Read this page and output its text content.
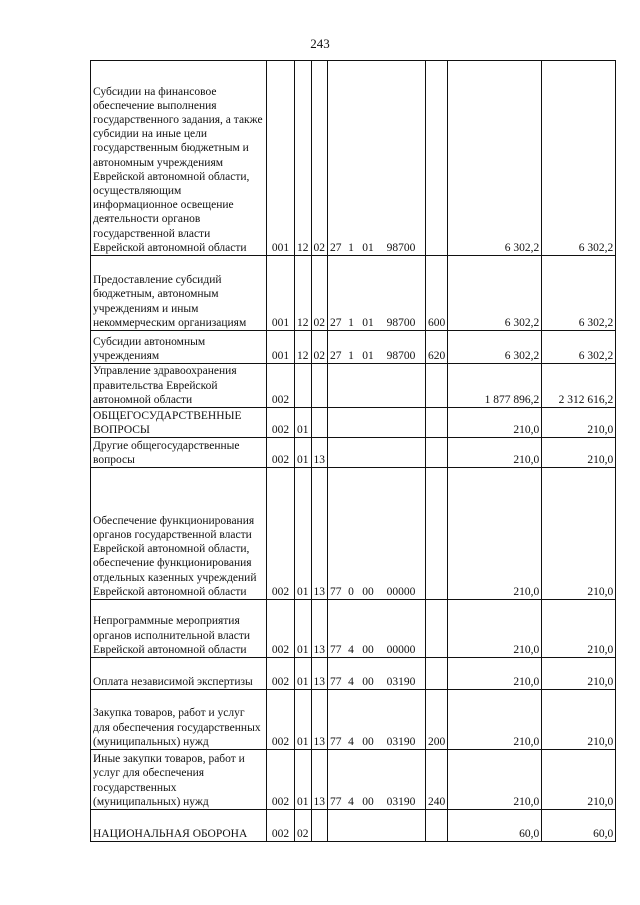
243
Субсидии на финансовое обеспечение выполнения государственного задания, а также субсидии на иные цели государственным бюджетным и автономным учреждениям Еврейской автономной области, осуществляющим информационное освещение деятельности органов государственной власти Еврейской автономной области	001	12	02	27 1 01 98700		6 302,2	6 302,2

Предоставление субсидий бюджетным, автономным учреждениям и иным некоммерческим организациям	001	12	02	27 1 01 98700	600	6 302,2	6 302,2

Субсидии автономным учреждениям	001	12	02	27 1 01 98700	620	6 302,2	6 302,2

Управление здравоохранения правительства Еврейской автономной области	002					1 877 896,2	2 312 616,2

ОБЩЕГОСУДАРСТВЕННЫЕ ВОПРОСЫ	002	01				210,0	210,0

Другие общегосударственные вопросы	002	01	13			210,0	210,0

Обеспечение функционирования органов государственной власти Еврейской автономной области, обеспечение функционирования отдельных казенных учреждений Еврейской автономной области	002	01	13	77 0 00 00000		210,0	210,0

Непрограммные мероприятия органов исполнительной власти Еврейской автономной области	002	01	13	77 4 00 00000		210,0	210,0

Оплата независимой экспертизы	002	01	13	77 4 00 03190		210,0	210,0

Закупка товаров, работ и услуг для обеспечения государственных (муниципальных) нужд	002	01	13	77 4 00 03190	200	210,0	210,0

Иные закупки товаров, работ и услуг для обеспечения государственных (муниципальных) нужд	002	01	13	77 4 00 03190	240	210,0	210,0

НАЦИОНАЛЬНАЯ ОБОРОНА	002	02				60,0	60,0
